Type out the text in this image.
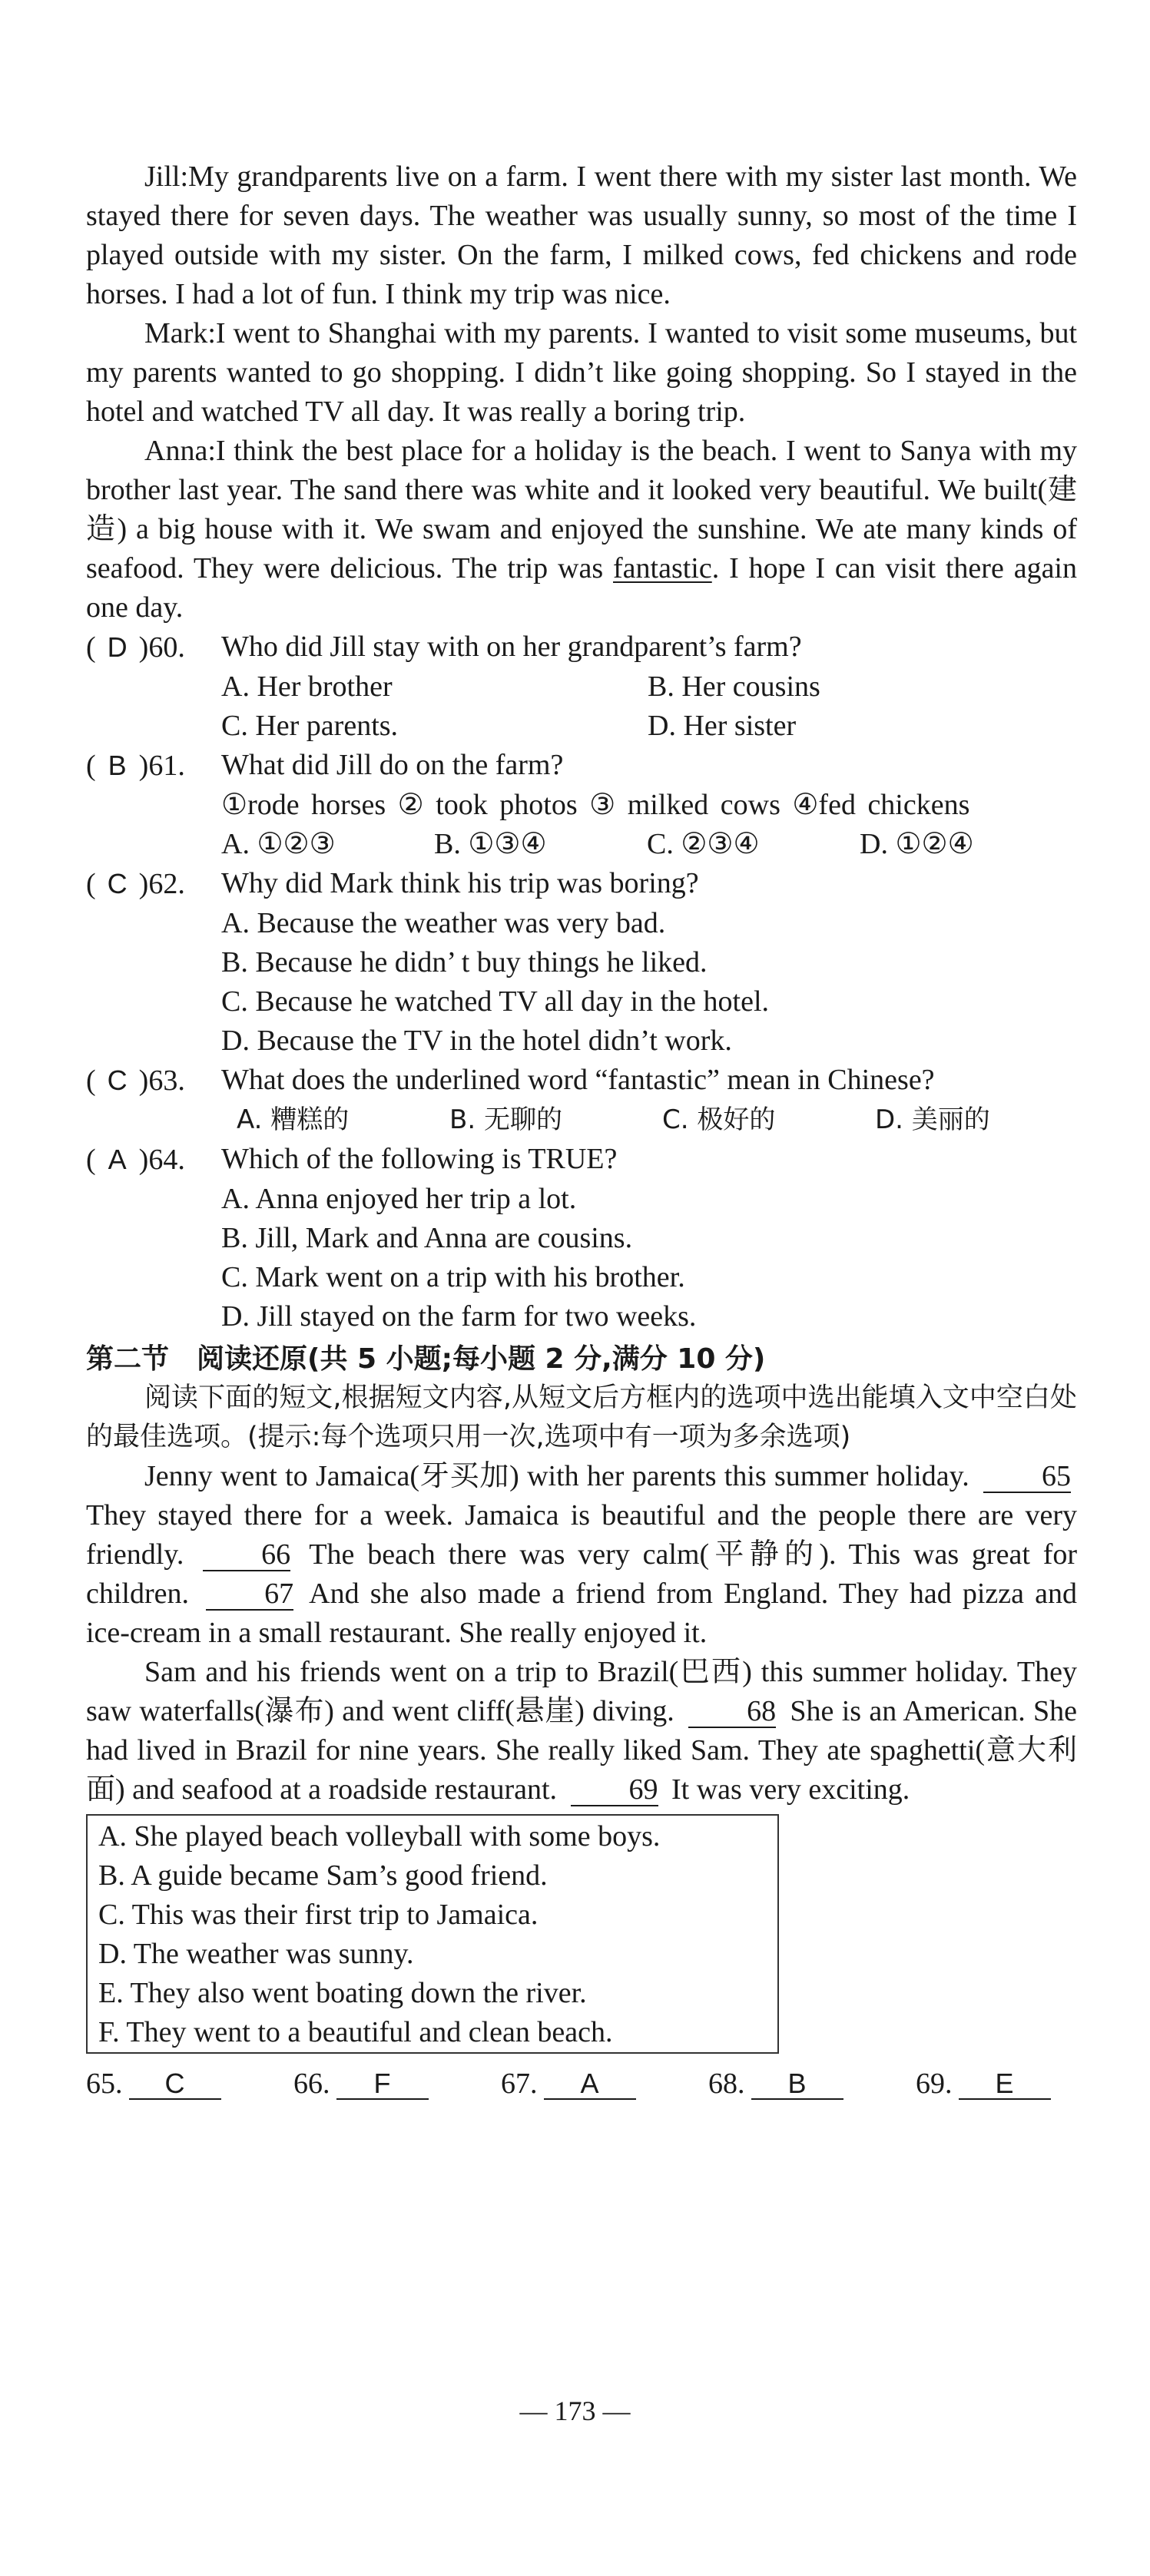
Jill:My grandparents live on a farm. I went there with my sister last month. We stayed there for seven days. The weather was usually sunny, so most of the time I played outside with my sister. On the farm, I milked cows, fed chickens and rode horses. I had a lot of fun. I think my trip was nice.

Mark:I went to Shanghai with my parents. I wanted to visit some museums, but my parents wanted to go shopping. I didn’t like going shopping. So I stayed in the hotel and watched TV all day. It was really a boring trip.

Anna:I think the best place for a holiday is the beach. I went to Sanya with my brother last year. The sand there was white and it looked very beautiful. We built(建造) a big house with it. We swam and enjoyed the sunshine. We ate many kinds of seafood. They were delicious. The trip was fantastic. I hope I can visit there again one day.

( D )60.	Who did Jill stay with on her grandparent’s farm?
A. Her brother	B. Her cousins
C. Her parents.	D. Her sister
( B )61.	What did Jill do on the farm?
①rode horses ② took photos ③ milked cows ④fed chickens
A. ①②③	B. ①③④	C. ②③④	D. ①②④
( C )62.	Why did Mark think his trip was boring?
A. Because the weather was very bad.
B. Because he didn’ t buy things he liked.
C. Because he watched TV all day in the hotel.
D. Because the TV in the hotel didn’t work.
( C )63.	What does the underlined word “fantastic” mean in Chinese?
A. 糟糕的	B. 无聊的	C. 极好的	D. 美丽的
( A )64.	Which of the following is TRUE?
A. Anna enjoyed her trip a lot.
B. Jill, Mark and Anna are cousins.
C. Mark went on a trip with his brother.
D. Jill stayed on the farm for two weeks.
第二节　阅读还原(共 5 小题;每小题 2 分,满分 10 分)

阅读下面的短文,根据短文内容,从短文后方框内的选项中选出能填入文中空白处的最佳选项。(提示:每个选项只用一次,选项中有一项为多余选项)

Jenny went to Jamaica(牙买加) with her parents this summer holiday. 65They stayed there for a week. Jamaica is beautiful and the people there are very friendly.	66 The beach there was very calm(平静的). This was great for children.	67 And she also made a friend from England. They had pizza and ice-cream in a small restaurant. She really enjoyed it.

Sam and his friends went on a trip to Brazil(巴西) this summer holiday. They saw waterfalls(瀑布) and went cliff(悬崖) diving. 68 She is an American. She had lived in Brazil for nine years. She really liked Sam. They ate spaghetti(意大利面) and seafood at a roadside restaurant. 69 It was very exciting.

A. She played beach volleyball with some boys.
B. A guide became Sam’s good friend.
C. This was their first trip to Jamaica.
D. The weather was sunny.
E. They also went boating down the river.
F. They went to a beautiful and clean beach.
65. C	66. F	67. A	68. B	69. E
— 173 —
